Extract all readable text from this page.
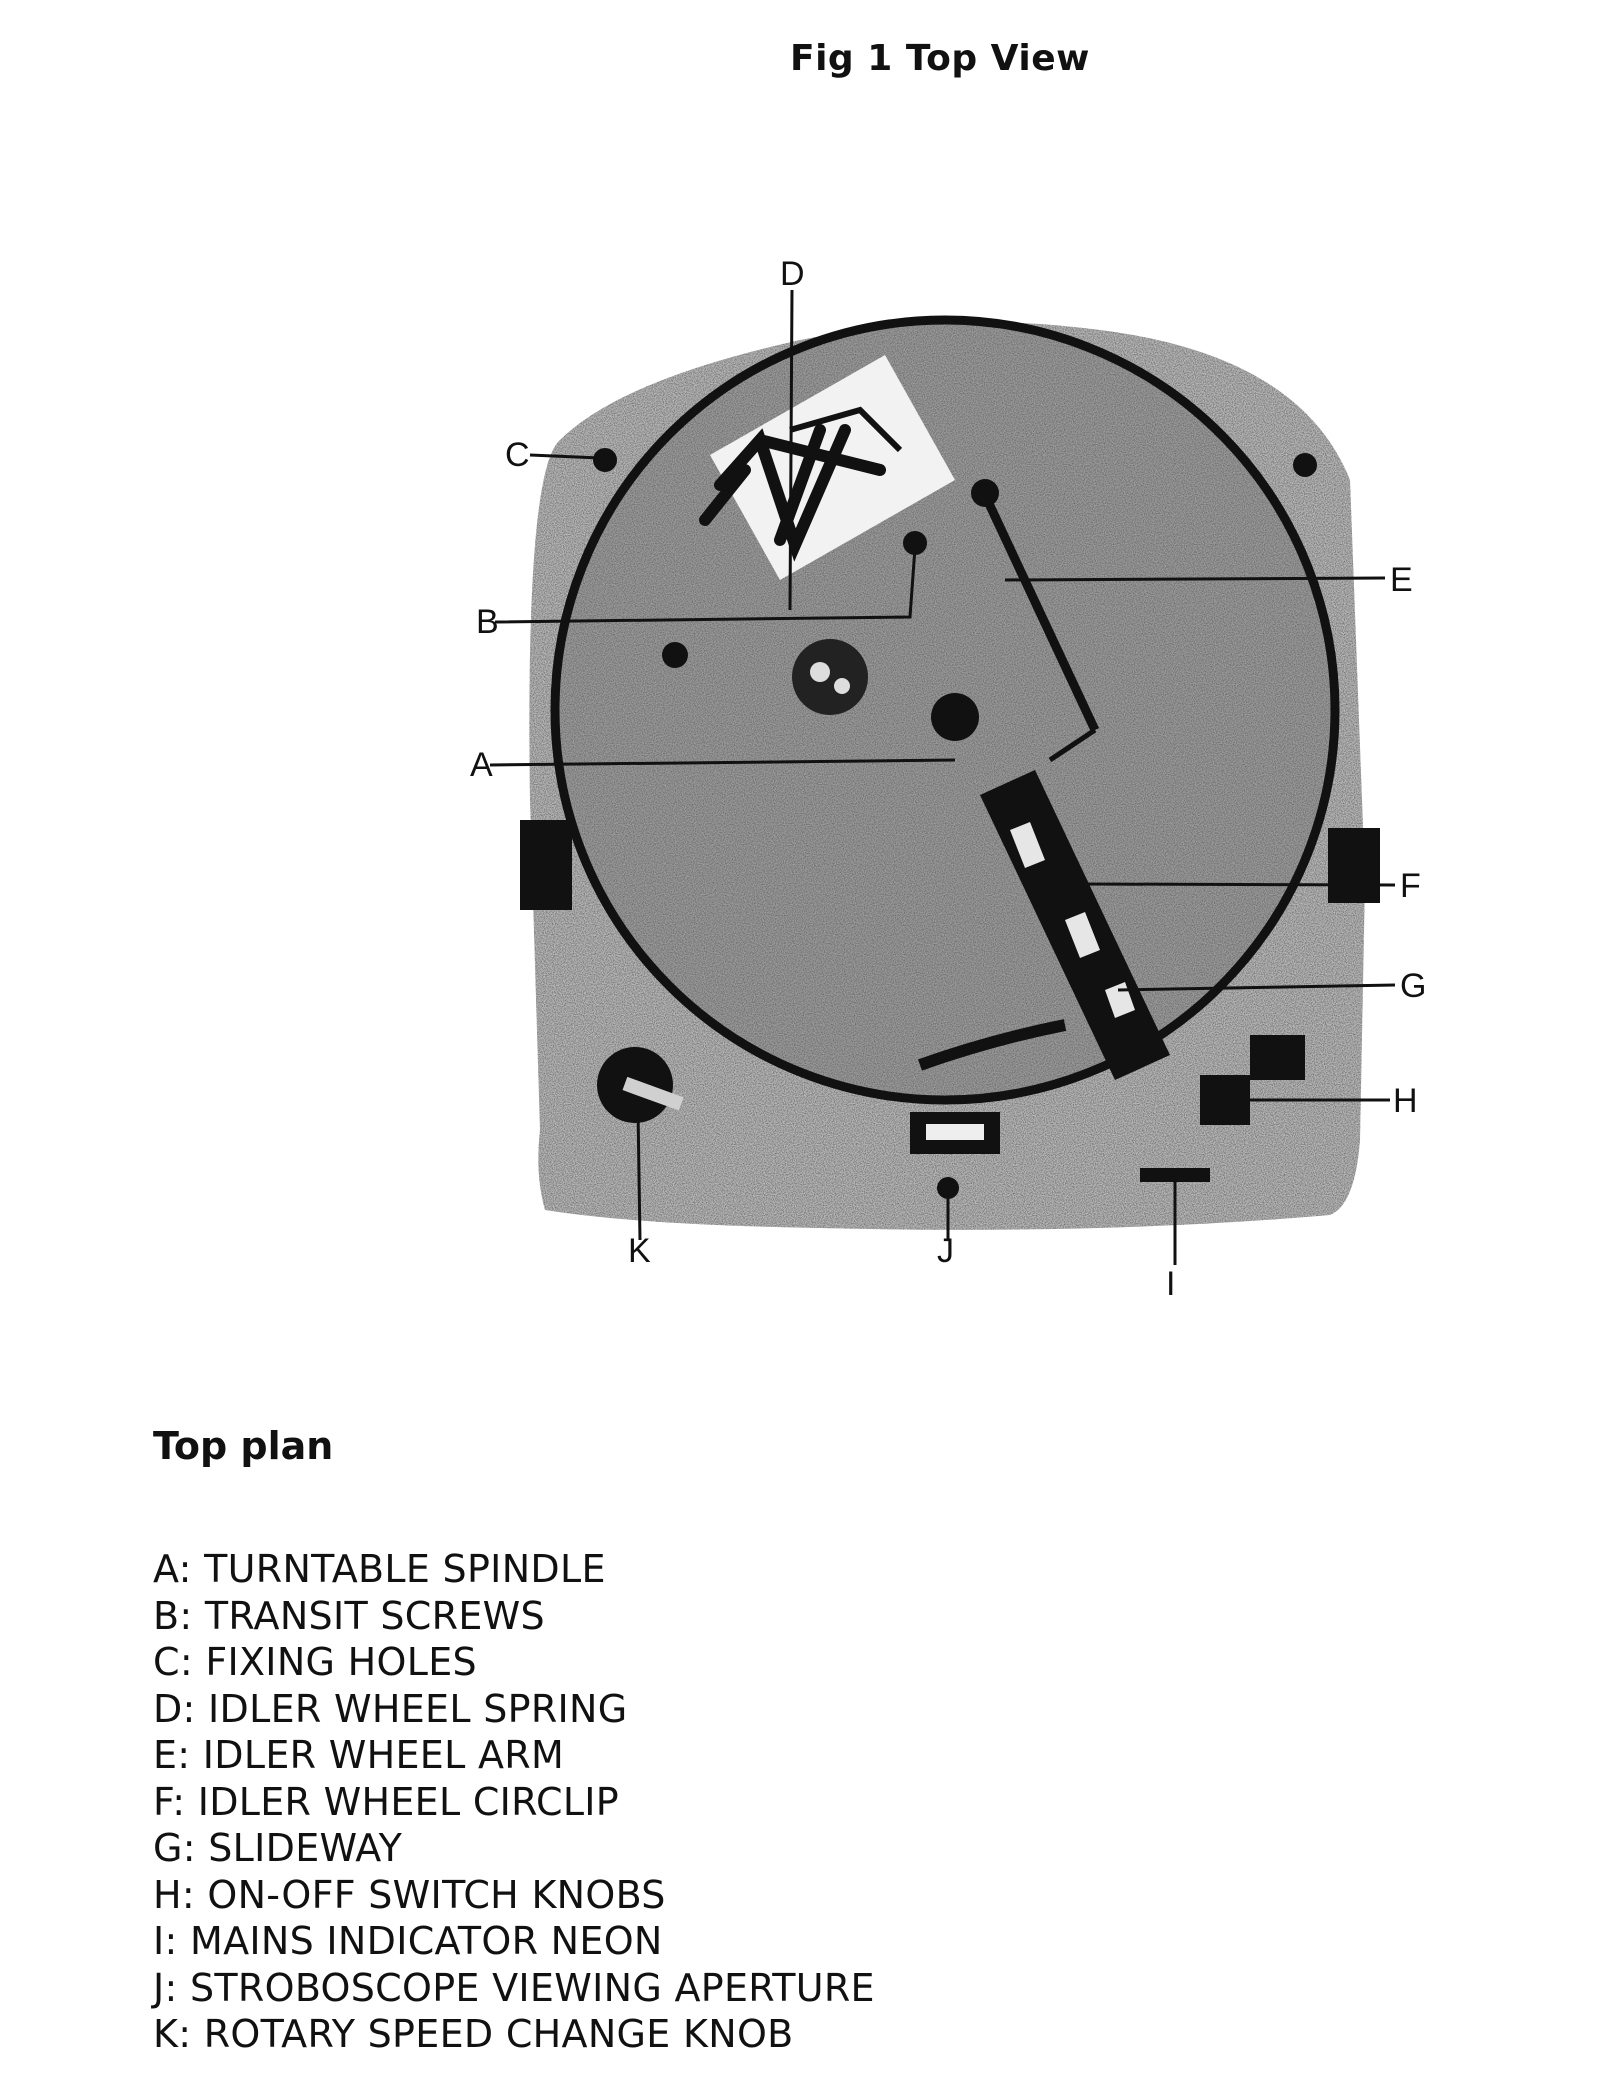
Fig 1 Top View
A
B
C
D
E
F
G
H
I
J
K
Top plan
A: TURNTABLE SPINDLE
B: TRANSIT SCREWS
C: FIXING HOLES
D: IDLER WHEEL SPRING
E: IDLER WHEEL ARM
F: IDLER WHEEL CIRCLIP
G: SLIDEWAY
H: ON-OFF SWITCH KNOBS
I: MAINS INDICATOR NEON
J: STROBOSCOPE VIEWING APERTURE
K: ROTARY SPEED CHANGE KNOB
